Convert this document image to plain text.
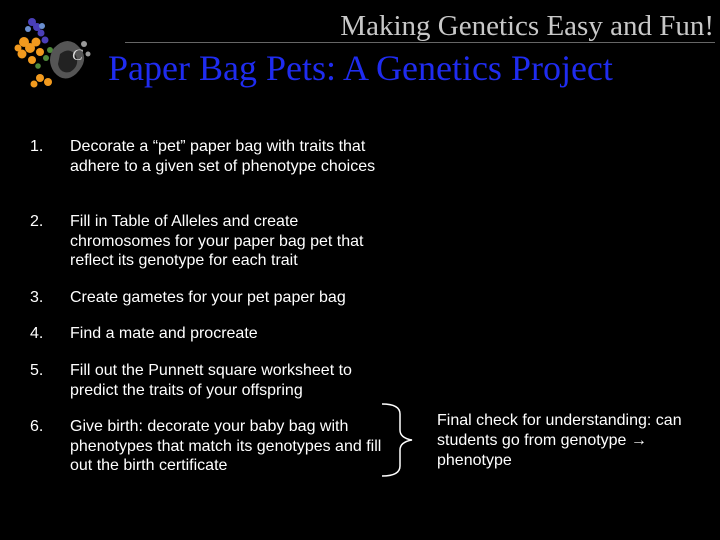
C
Making Genetics Easy and Fun!
Paper Bag Pets: A Genetics Project
1. Decorate a “pet” paper bag with traits that adhere to a given set of phenotype choices
2. Fill in Table of Alleles and create chromosomes for your paper bag pet that reflect its genotype for each trait
3. Create gametes for your pet paper bag
4. Find a mate and procreate
5. Fill out the Punnett square worksheet to predict the traits of your offspring
6. Give birth: decorate your baby bag with phenotypes that match its genotypes and fill out the birth certificate
Final check for understanding: can students go from genotype → phenotype
